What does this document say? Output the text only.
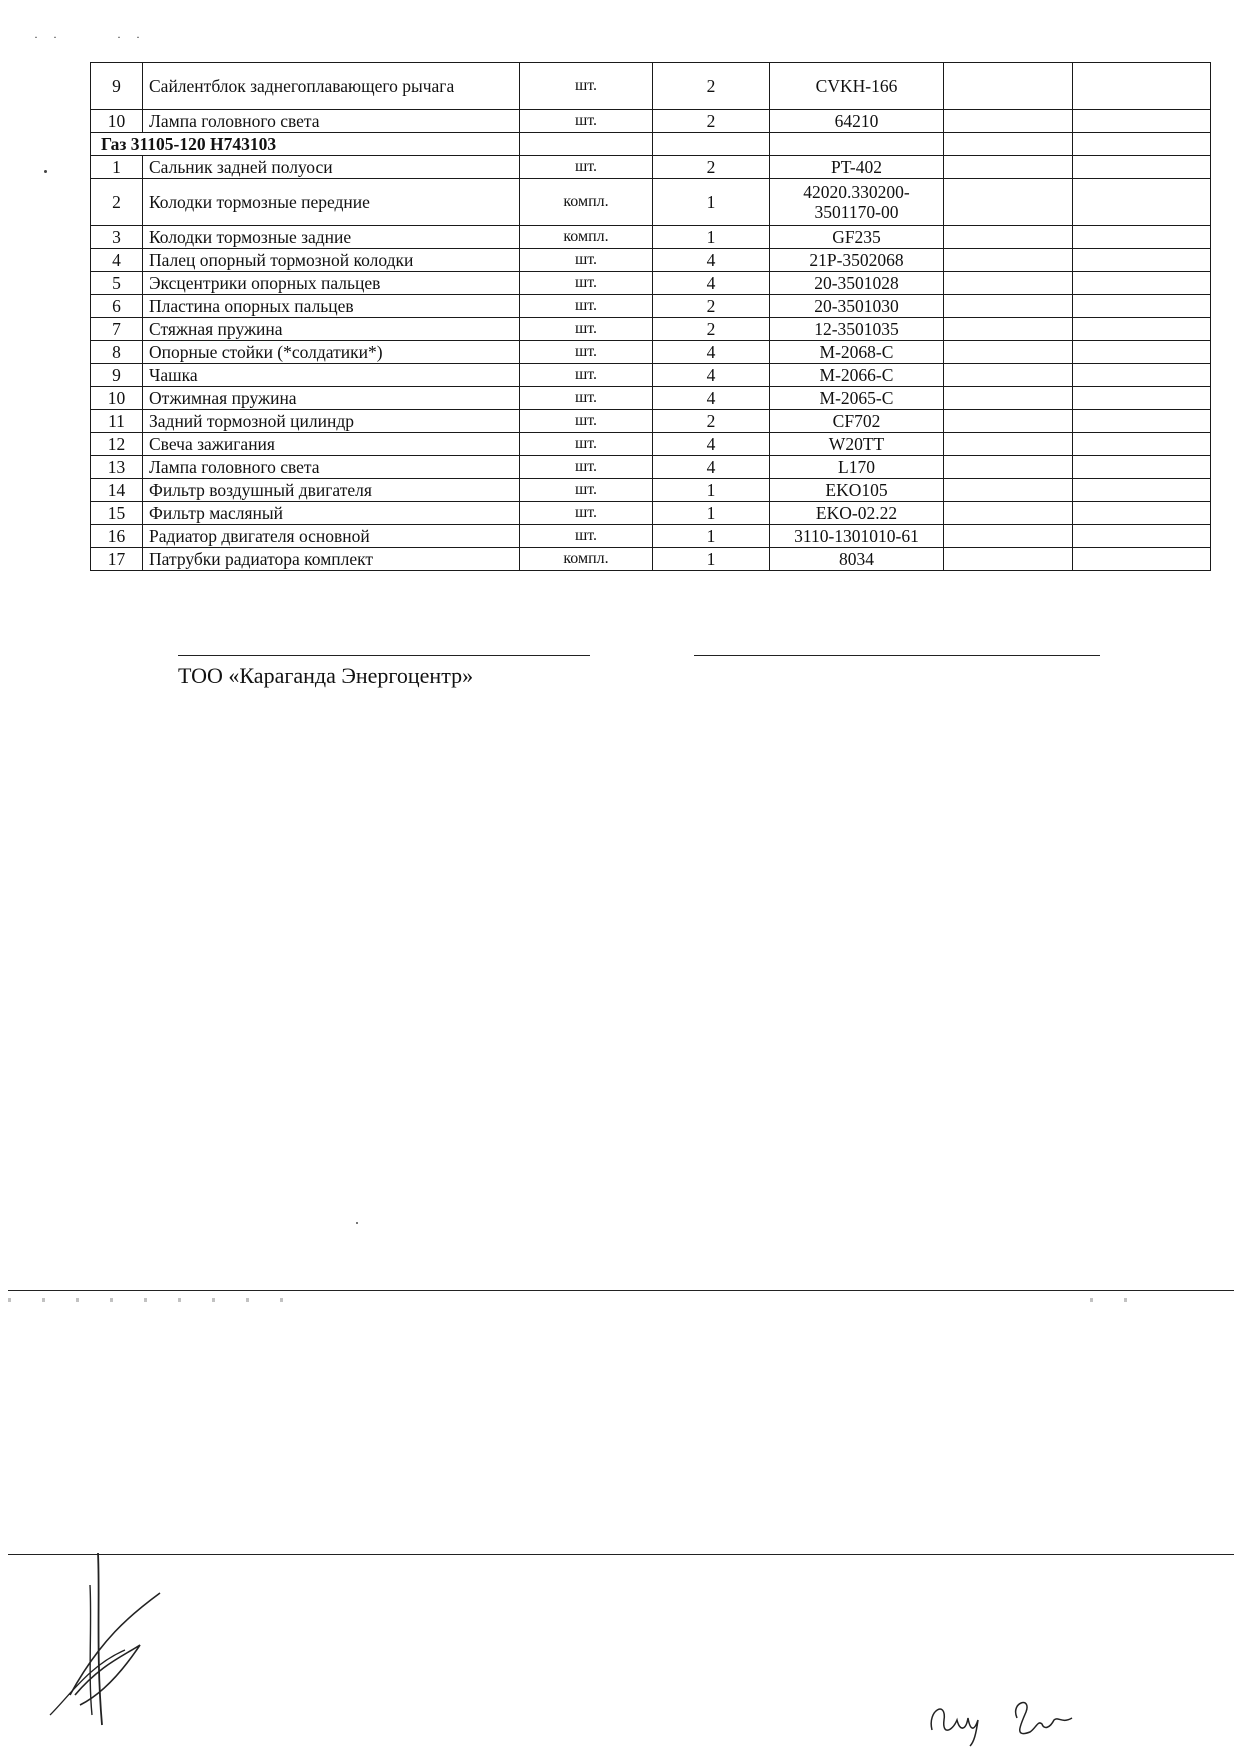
· ·      · ·
9	Сайлентблок заднегоплавающего рычага	шт.	2	CVKH-166		
10	Лампа головного света	шт.	2	64210		
Газ 31105-120 Н743103						
1	Сальник задней полуоси	шт.	2	PT-402		
2	Колодки тормозные передние	компл.	1	42020.330200-3501170-00		
3	Колодки тормозные задние	компл.	1	GF235		
4	Палец опорный тормозной колодки	шт.	4	21P-3502068		
5	Эксцентрики опорных пальцев	шт.	4	20-3501028		
6	Пластина опорных пальцев	шт.	2	20-3501030		
7	Стяжная пружина	шт.	2	12-3501035		
8	Опорные стойки (*солдатики*)	шт.	4	M-2068-C		
9	Чашка	шт.	4	M-2066-C		
10	Отжимная пружина	шт.	4	M-2065-C		
11	Задний тормозной цилиндр	шт.	2	CF702		
12	Свеча зажигания	шт.	4	W20TT		
13	Лампа головного света	шт.	4	L170		
14	Фильтр воздушный двигателя	шт.	1	EKO105		
15	Фильтр масляный	шт.	1	EKO-02.22		
16	Радиатор двигателя основной	шт.	1	3110-1301010-61		
17	Патрубки радиатора комплект	компл.	1	8034		
ТОО «Караганда Энергоцентр»
